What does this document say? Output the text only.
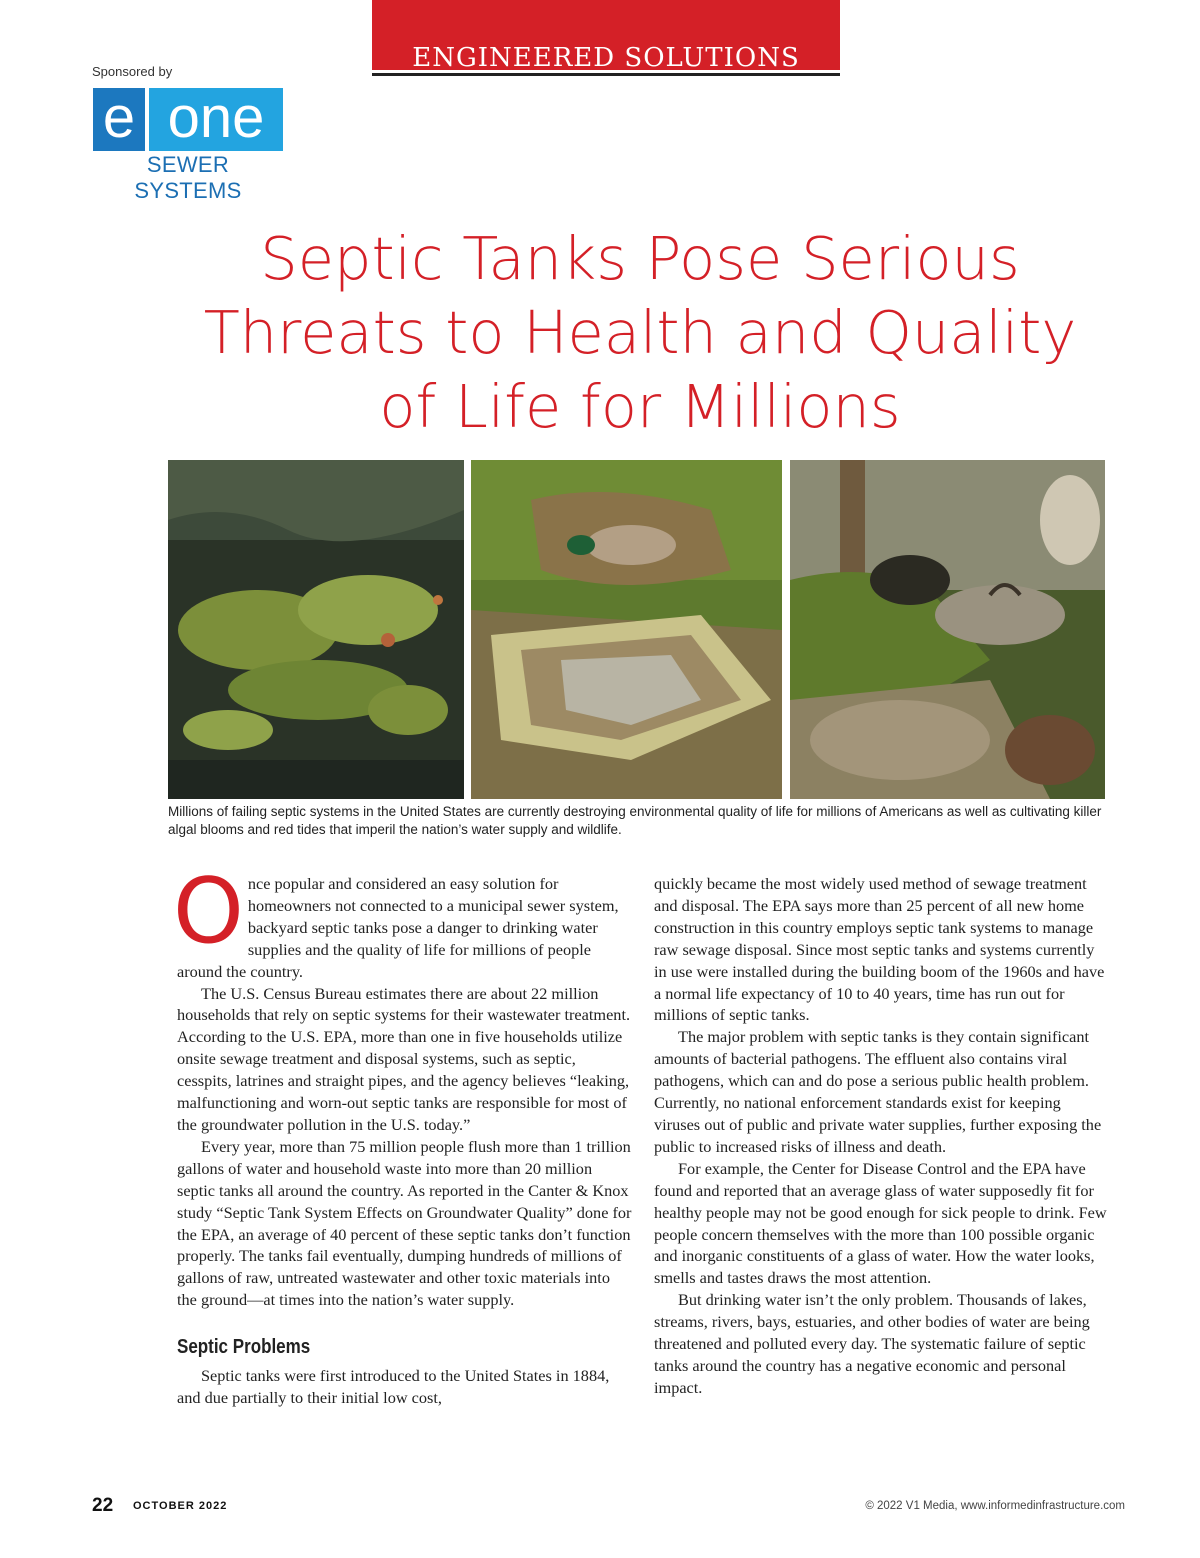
ENGINEERED SOLUTIONS
Sponsored by
e one
SEWER SYSTEMS
Septic Tanks Pose Serious Threats to Health and Quality of Life for Millions

Millions of failing septic systems in the United States are currently destroying environmental quality of life for millions of Americans as well as cultivating killer algal blooms and red tides that imperil the nation’s water supply and wildlife.

O nce popular and considered an easy solution for homeowners not connected to a municipal sewer system, backyard septic tanks pose a danger to drinking water supplies and the quality of life for millions of people around the country.

The U.S. Census Bureau estimates there are about 22 million households that rely on septic systems for their wastewater treatment. According to the U.S. EPA, more than one in five households utilize onsite sewage treatment and disposal systems, such as septic, cesspits, latrines and straight pipes, and the agency believes “leaking, malfunctioning and worn-out septic tanks are responsible for most of the groundwater pollution in the U.S. today.”

Every year, more than 75 million people flush more than 1 trillion gallons of water and household waste into more than 20 million septic tanks all around the country. As reported in the Canter & Knox study “Septic Tank System Effects on Groundwater Quality” done for the EPA, an average of 40 percent of these septic tanks don’t function properly. The tanks fail eventually, dumping hundreds of millions of gallons of raw, untreated wastewater and other toxic materials into the ground—at times into the nation’s water supply.

Septic Problems

Septic tanks were first introduced to the United States in 1884, and due partially to their initial low cost,

quickly became the most widely used method of sewage treatment and disposal. The EPA says more than 25 percent of all new home construction in this country employs septic tank systems to manage raw sewage disposal. Since most septic tanks and systems currently in use were installed during the building boom of the 1960s and have a normal life expectancy of 10 to 40 years, time has run out for millions of septic tanks.

The major problem with septic tanks is they contain significant amounts of bacterial pathogens. The effluent also contains viral pathogens, which can and do pose a serious public health problem. Currently, no national enforcement standards exist for keeping viruses out of public and private water supplies, further exposing the public to increased risks of illness and death.

For example, the Center for Disease Control and the EPA have found and reported that an average glass of water supposedly fit for healthy people may not be good enough for sick people to drink. Few people concern themselves with the more than 100 possible organic and inorganic constituents of a glass of water. How the water looks, smells and tastes draws the most attention.

But drinking water isn’t the only problem. Thousands of lakes, streams, rivers, bays, estuaries, and other bodies of water are being threatened and polluted every day. The systematic failure of septic tanks around the country has a negative economic and personal impact.

22 OCTOBER 2022	© 2022 V1 Media, www.informedinfrastructure.com
